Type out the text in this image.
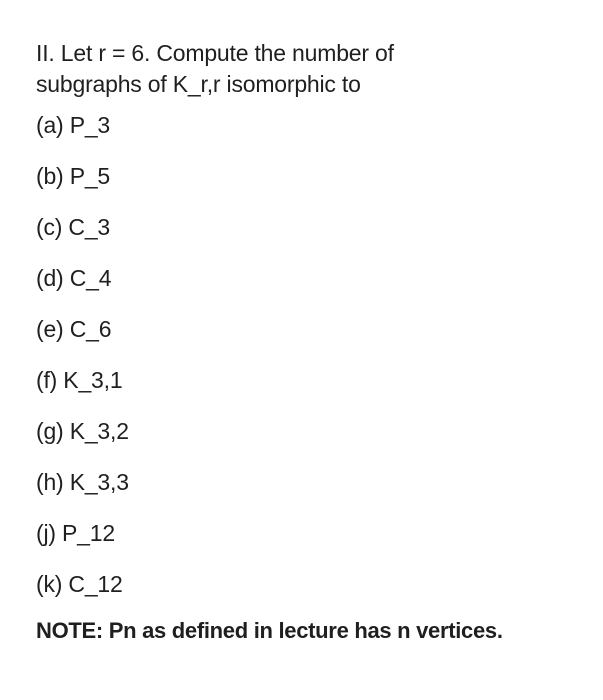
II. Let r = 6. Compute the number of
subgraphs of K_r,r isomorphic to

(a) P_3
(b) P_5
(c) C_3
(d) C_4
(e) C_6
(f) K_3,1
(g) K_3,2
(h) K_3,3
(j) P_12
(k) C_12
NOTE: Pn as defined in lecture has n vertices.
